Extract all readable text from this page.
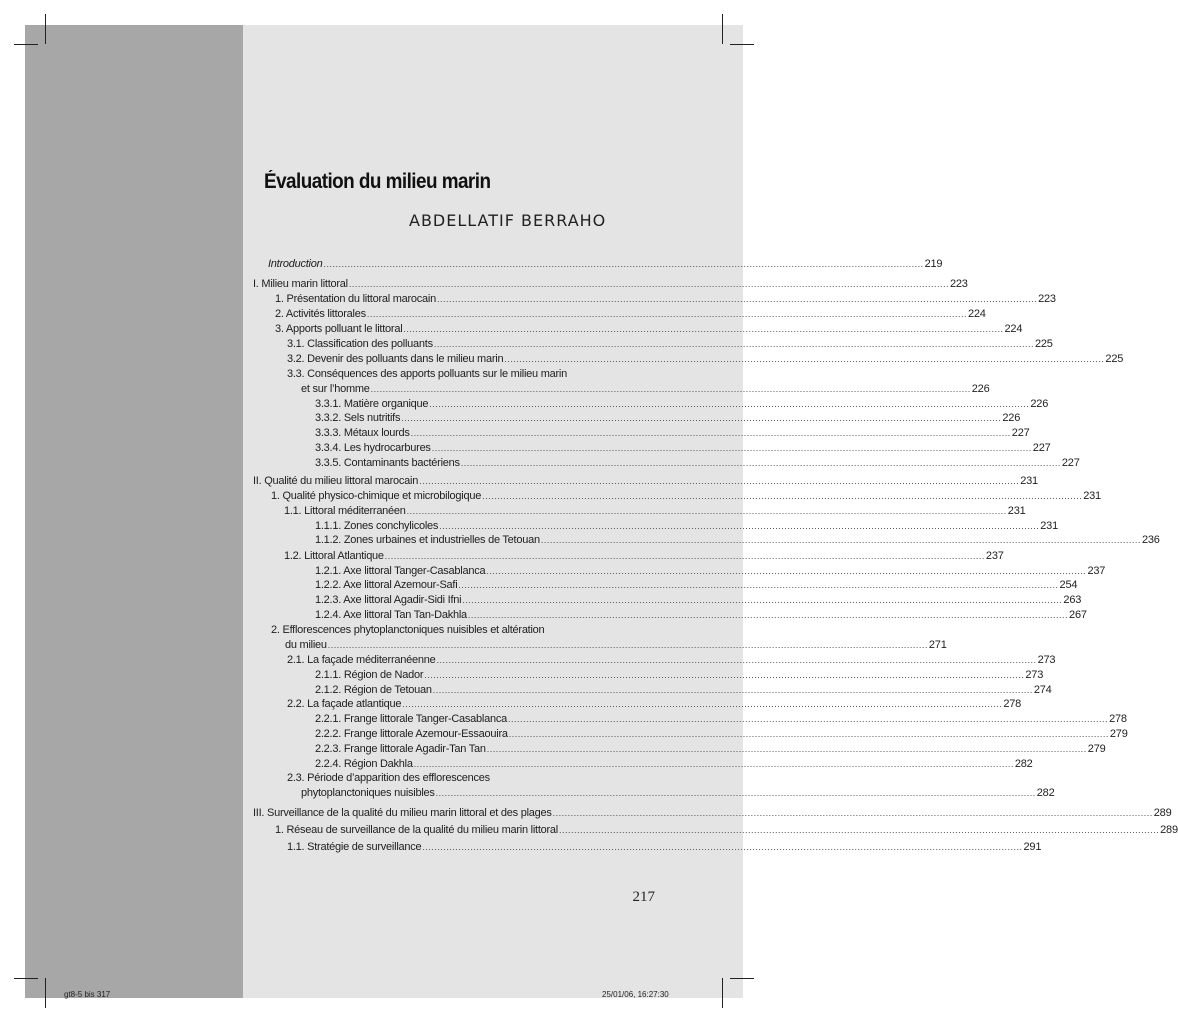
Évaluation du milieu marin
ABDELLATIF BERRAHO
Introduction ........................................................................................................................................................................................................ 219
I. Milieu marin littoral ........................................................................................................................................................................................................ 223
1. Présentation du littoral marocain ........................................................................................................................................................................................................ 223
2. Activités littorales ........................................................................................................................................................................................................ 224
3. Apports polluant le littoral ........................................................................................................................................................................................................ 224
3.1. Classification des polluants ........................................................................................................................................................................................................ 225
3.2. Devenir des polluants dans le milieu marin ........................................................................................................................................................................................................ 225
3.3. Conséquences des apports polluants sur le milieu marin
et sur l’homme ........................................................................................................................................................................................................ 226
3.3.1. Matière organique ........................................................................................................................................................................................................ 226
3.3.2. Sels nutritifs ........................................................................................................................................................................................................ 226
3.3.3. Métaux lourds ........................................................................................................................................................................................................ 227
3.3.4. Les hydrocarbures ........................................................................................................................................................................................................ 227
3.3.5. Contaminants bactériens ........................................................................................................................................................................................................ 227
II. Qualité du milieu littoral marocain ........................................................................................................................................................................................................ 231
1. Qualité physico-chimique et microbilogique ........................................................................................................................................................................................................ 231
1.1. Littoral méditerranéen ........................................................................................................................................................................................................ 231
1.1.1. Zones conchylicoles ........................................................................................................................................................................................................ 231
1.1.2. Zones urbaines et industrielles de Tetouan ........................................................................................................................................................................................................ 236
1.2. Littoral Atlantique ........................................................................................................................................................................................................ 237
1.2.1. Axe littoral Tanger-Casablanca ........................................................................................................................................................................................................ 237
1.2.2. Axe littoral Azemour-Safi ........................................................................................................................................................................................................ 254
1.2.3. Axe littoral Agadir-Sidi Ifni ........................................................................................................................................................................................................ 263
1.2.4. Axe littoral Tan Tan-Dakhla ........................................................................................................................................................................................................ 267
2. Efflorescences phytoplanctoniques nuisibles et altération
du milieu ........................................................................................................................................................................................................ 271
2.1. La façade méditerranéenne ........................................................................................................................................................................................................ 273
2.1.1. Région de Nador ........................................................................................................................................................................................................ 273
2.1.2. Région de Tetouan ........................................................................................................................................................................................................ 274
2.2. La façade atlantique ........................................................................................................................................................................................................ 278
2.2.1. Frange littorale Tanger-Casablanca ........................................................................................................................................................................................................ 278
2.2.2. Frange littorale Azemour-Essaouira ........................................................................................................................................................................................................ 279
2.2.3. Frange littorale Agadir-Tan Tan ........................................................................................................................................................................................................ 279
2.2.4. Région Dakhla ........................................................................................................................................................................................................ 282
2.3. Période d’apparition des efflorescences
phytoplanctoniques nuisibles ........................................................................................................................................................................................................ 282
III. Surveillance de la qualité du milieu marin littoral et des plages ........................................................................................................................................................................................................ 289
1. Réseau de surveillance de la qualité du milieu marin littoral ........................................................................................................................................................................................................ 289
1.1. Stratégie de surveillance ........................................................................................................................................................................................................ 291
217
gt8-5 bis 317	25/01/06, 16:27:30
